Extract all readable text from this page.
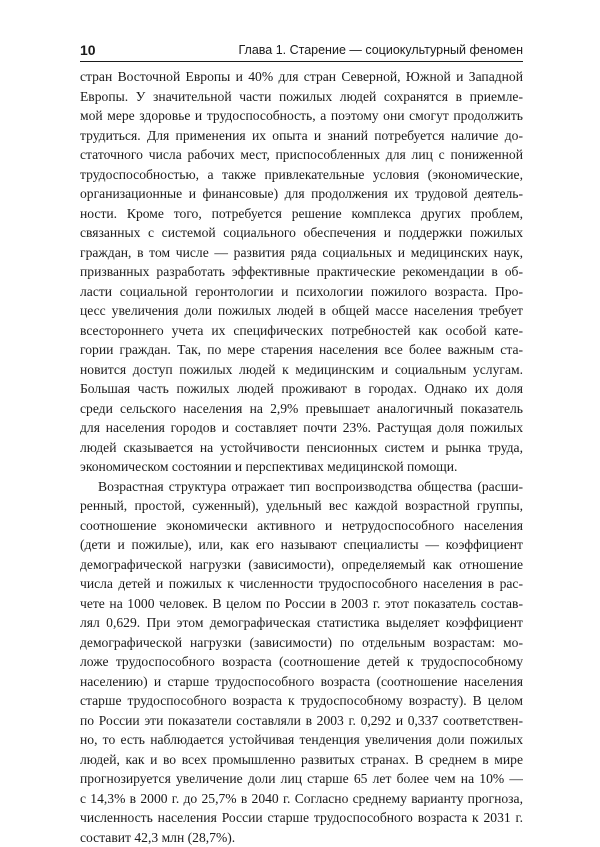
10	Глава 1. Старение — социокультурный феномен
стран Восточной Европы и 40% для стран Северной, Южной и Западной
Европы. У значительной части пожилых людей сохранятся в приемле-
мой мере здоровье и трудоспособность, а поэтому они смогут продолжить
трудиться. Для применения их опыта и знаний потребуется наличие до-
статочного числа рабочих мест, приспособленных для лиц с пониженной
трудоспособностью, а также привлекательные условия (экономические,
организационные и финансовые) для продолжения их трудовой деятель-
ности. Кроме того, потребуется решение комплекса других проблем,
связанных с системой социального обеспечения и поддержки пожилых
граждан, в том числе — развития ряда социальных и медицинских наук,
призванных разработать эффективные практические рекомендации в об-
ласти социальной геронтологии и психологии пожилого возраста. Про-
цесс увеличения доли пожилых людей в общей массе населения требует
всестороннего учета их специфических потребностей как особой кате-
гории граждан. Так, по мере старения населения все более важным ста-
новится доступ пожилых людей к медицинским и социальным услугам.
Большая часть пожилых людей проживают в городах. Однако их доля
среди сельского населения на 2,9% превышает аналогичный показатель
для населения городов и составляет почти 23%. Растущая доля пожилых
людей сказывается на устойчивости пенсионных систем и рынка труда,
экономическом состоянии и перспективах медицинской помощи.
Возрастная структура отражает тип воспроизводства общества (расши-
ренный, простой, суженный), удельный вес каждой возрастной группы,
соотношение экономически активного и нетрудоспособного населения
(дети и пожилые), или, как его называют специалисты — коэффициент
демографической нагрузки (зависимости), определяемый как отношение
числа детей и пожилых к численности трудоспособного населения в рас-
чете на 1000 человек. В целом по России в 2003 г. этот показатель состав-
лял 0,629. При этом демографическая статистика выделяет коэффициент
демографической нагрузки (зависимости) по отдельным возрастам: мо-
ложе трудоспособного возраста (соотношение детей к трудоспособному
населению) и старше трудоспособного возраста (соотношение населения
старше трудоспособного возраста к трудоспособному возрасту). В целом
по России эти показатели составляли в 2003 г. 0,292 и 0,337 соответствен-
но, то есть наблюдается устойчивая тенденция увеличения доли пожилых
людей, как и во всех промышленно развитых странах. В среднем в мире
прогнозируется увеличение доли лиц старше 65 лет более чем на 10% —
с 14,3% в 2000 г. до 25,7% в 2040 г. Согласно среднему варианту прогноза,
численность населения России старше трудоспособного возраста к 2031 г.
составит 42,3 млн (28,7%).
